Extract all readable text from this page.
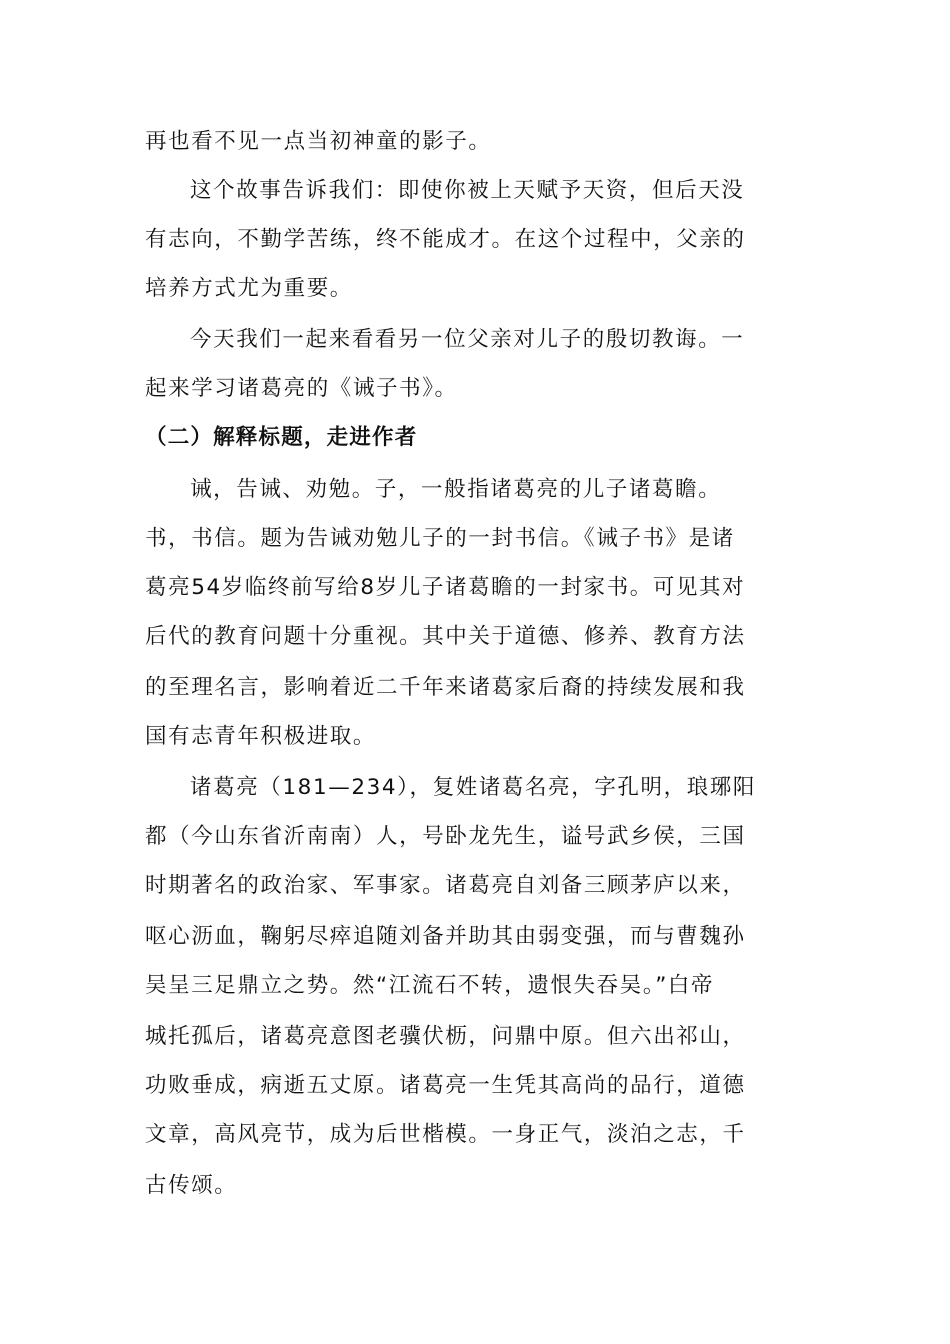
再也看不见一点当初神童的影子。
这个故事告诉我们：即使你被上天赋予天资，但后天没
有志向，不勤学苦练，终不能成才。在这个过程中，父亲的
培养方式尤为重要。
今天我们一起来看看另一位父亲对儿子的殷切教诲。一
起来学习诸葛亮的《诫子书》。
（二）解释标题，走进作者
诫，告诫、劝勉。子，一般指诸葛亮的儿子诸葛瞻。
书，书信。题为告诫劝勉儿子的一封书信。《诫子书》是诸
葛亮54岁临终前写给8岁儿子诸葛瞻的一封家书。可见其对
后代的教育问题十分重视。其中关于道德、修养、教育方法
的至理名言，影响着近二千年来诸葛家后裔的持续发展和我
国有志青年积极进取。
诸葛亮（181—234），复姓诸葛名亮，字孔明，琅琊阳
都（今山东省沂南南）人，号卧龙先生，谥号武乡侯，三国
时期著名的政治家、军事家。诸葛亮自刘备三顾茅庐以来，
呕心沥血，鞠躬尽瘁追随刘备并助其由弱变强，而与曹魏孙
吴呈三足鼎立之势。然“江流石不转，遗恨失吞吴。”白帝
城托孤后，诸葛亮意图老骥伏枥，问鼎中原。但六出祁山，
功败垂成，病逝五丈原。诸葛亮一生凭其高尚的品行，道德
文章，高风亮节，成为后世楷模。一身正气，淡泊之志，千
古传颂。
